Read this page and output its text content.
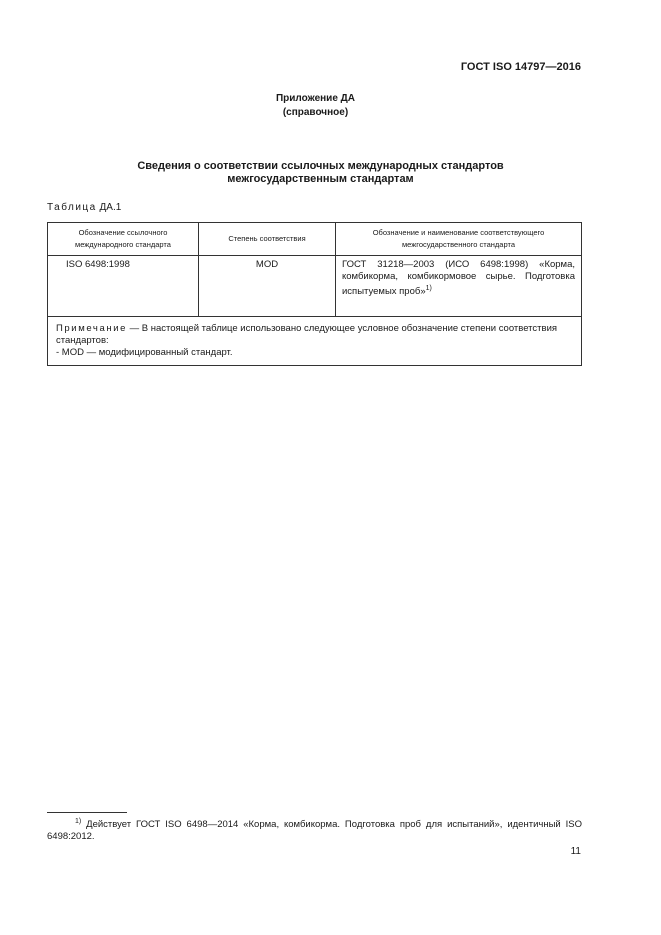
ГОСТ ISO 14797—2016
Приложение ДА
(справочное)
Сведения о соответствии ссылочных международных стандартов
межгосударственным стандартам
Таблица ДА.1
Обозначение ссылочного международного стандарта	Степень соответствия	Обозначение и наименование соответствующего межгосударственного стандарта
ISO 6498:1998	MOD	ГОСТ 31218—2003 (ИСО 6498:1998) «Корма, комбикорма, комбикормовое сырье. Подготовка испытуемых проб»$^{1)}$

Примечание — В настоящей таблице использовано следующее условное обозначение степени соответствия стандартов:
- MOD — модифицированный стандарт.		
$^{1)}$ Действует ГОСТ ISO 6498—2014 «Корма, комбикорма. Подготовка проб для испытаний», идентичный ISO 6498:2012.
11
